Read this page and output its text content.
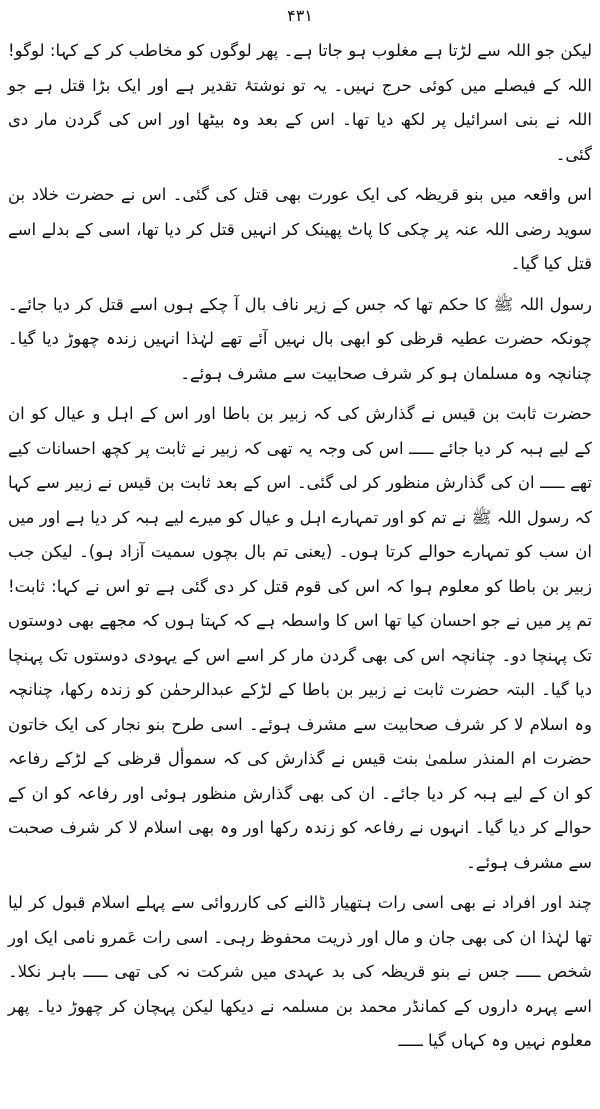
۴۳۱

لیکن جو اللہ سے لڑتا ہے مغلوب ہو جاتا ہے۔ پھر لوگوں کو مخاطب کر کے کہا: لوگو! اللہ کے فیصلے میں کوئی حرج نہیں۔ یہ تو نوشتۂ تقدیر ہے اور ایک بڑا قتل ہے جو اللہ نے بنی اسرائیل پر لکھ دیا تھا۔ اس کے بعد وہ بیٹھا اور اس کی گردن مار دی گئی۔

اس واقعہ میں بنو قریظہ کی ایک عورت بھی قتل کی گئی۔ اس نے حضرت خلاد بن سوید رضی اللہ عنہ پر چکی کا پاٹ پھینک کر انہیں قتل کر دیا تھا، اسی کے بدلے اسے قتل کیا گیا۔

رسول اللہ ﷺ کا حکم تھا کہ جس کے زیر ناف بال آ چکے ہوں اسے قتل کر دیا جائے۔ چونکہ حضرت عطیہ قرظی کو ابھی بال نہیں آئے تھے لہٰذا انہیں زندہ چھوڑ دیا گیا۔ چنانچہ وہ مسلمان ہو کر شرف صحابیت سے مشرف ہوئے۔

حضرت ثابت بن قیس نے گذارش کی کہ زبیر بن باطا اور اس کے اہل و عیال کو ان کے لیے ہبہ کر دیا جائے ـــــ اس کی وجہ یہ تھی کہ زبیر نے ثابت پر کچھ احسانات کیے تھے ـــــ ان کی گذارش منظور کر لی گئی۔ اس کے بعد ثابت بن قیس نے زبیر سے کہا کہ رسول اللہ ﷺ نے تم کو اور تمہارے اہل و عیال کو میرے لیے ہبہ کر دیا ہے اور میں ان سب کو تمہارے حوالے کرتا ہوں۔ (یعنی تم بال بچوں سمیت آزاد ہو)۔ لیکن جب زبیر بن باطا کو معلوم ہوا کہ اس کی قوم قتل کر دی گئی ہے تو اس نے کہا: ثابت! تم پر میں نے جو احسان کیا تھا اس کا واسطہ ہے کہ کہتا ہوں کہ مجھے بھی دوستوں تک پہنچا دو۔ چنانچہ اس کی بھی گردن مار کر اسے اس کے یہودی دوستوں تک پہنچا دیا گیا۔ البتہ حضرت ثابت نے زبیر بن باطا کے لڑکے عبدالرحمٰن کو زندہ رکھا، چنانچہ وہ اسلام لا کر شرف صحابیت سے مشرف ہوئے۔ اسی طرح بنو نجار کی ایک خاتون حضرت ام المنذر سلمیٰ بنت قیس نے گذارش کی کہ سموأل قرظی کے لڑکے رفاعہ کو ان کے لیے ہبہ کر دیا جائے۔ ان کی بھی گذارش منظور ہوئی اور رفاعہ کو ان کے حوالے کر دیا گیا۔ انہوں نے رفاعہ کو زندہ رکھا اور وہ بھی اسلام لا کر شرف صحبت سے مشرف ہوئے۔

چند اور افراد نے بھی اسی رات ہتھیار ڈالنے کی کارروائی سے پہلے اسلام قبول کر لیا تھا لہٰذا ان کی بھی جان و مال اور ذریت محفوظ رہی۔ اسی رات عَمرو نامی ایک اور شخص ـــــ جس نے بنو قریظہ کی بد عہدی میں شرکت نہ کی تھی ـــــ باہر نکلا۔ اسے پہرہ داروں کے کمانڈر محمد بن مسلمہ نے دیکھا لیکن پہچان کر چھوڑ دیا۔ پھر معلوم نہیں وہ کہاں گیا ـــــ
